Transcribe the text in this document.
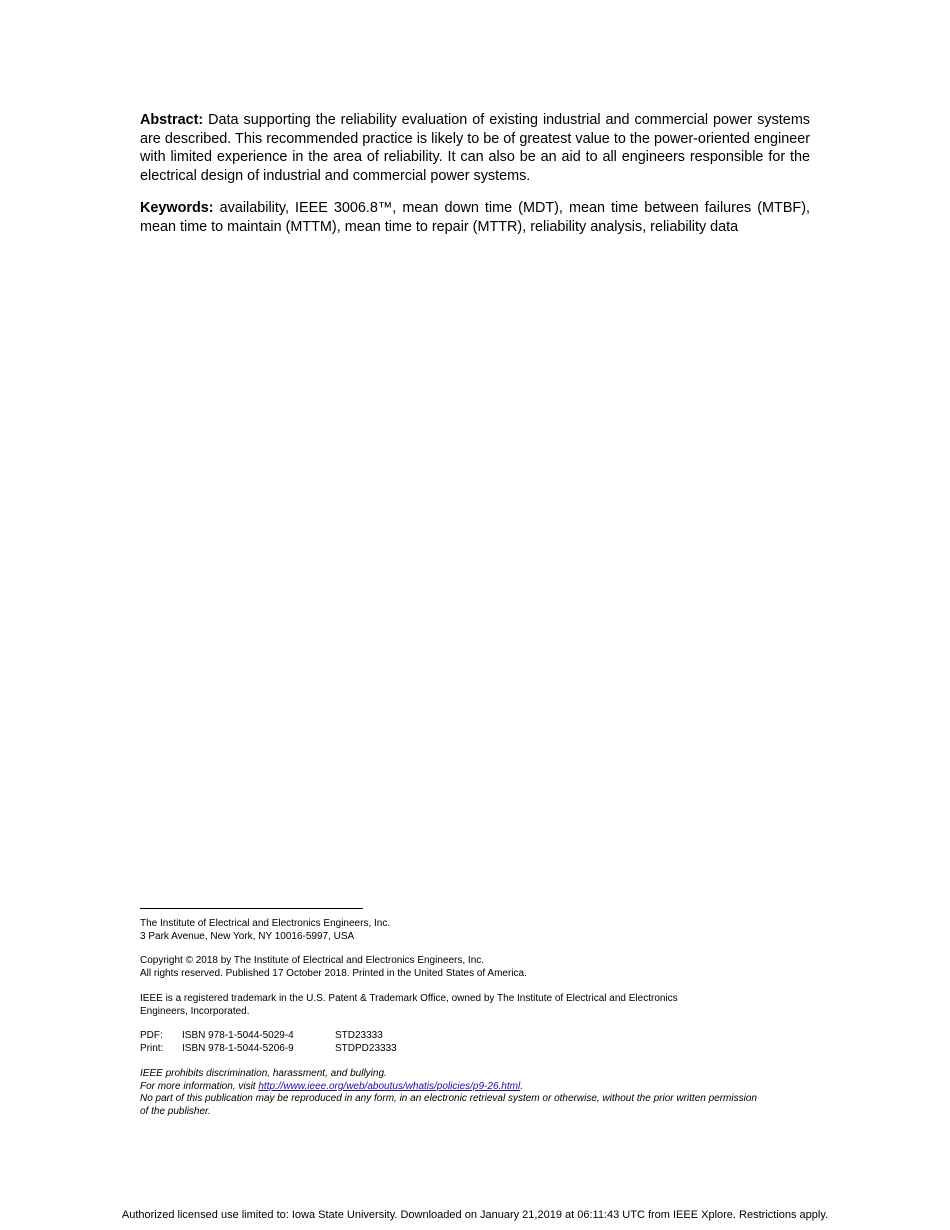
Abstract: Data supporting the reliability evaluation of existing industrial and commercial power systems are described. This recommended practice is likely to be of greatest value to the power-oriented engineer with limited experience in the area of reliability. It can also be an aid to all engineers responsible for the electrical design of industrial and commercial power systems.

Keywords: availability, IEEE 3006.8™, mean down time (MDT), mean time between failures (MTBF), mean time to maintain (MTTM), mean time to repair (MTTR), reliability analysis, reliability data

The Institute of Electrical and Electronics Engineers, Inc.

3 Park Avenue, New York, NY 10016-5997, USA

Copyright © 2018 by The Institute of Electrical and Electronics Engineers, Inc.

All rights reserved. Published 17 October 2018. Printed in the United States of America.

IEEE is a registered trademark in the U.S. Patent & Trademark Office, owned by The Institute of Electrical and Electronics

Engineers, Incorporated.

PDF:	ISBN 978-1-5044-5029-4	STD23333
Print:	ISBN 978-1-5044-5206-9	STDPD23333

IEEE prohibits discrimination, harassment, and bullying.

For more information, visit http://www.ieee.org/web/aboutus/whatis/policies/p9-26.html.

No part of this publication may be reproduced in any form, in an electronic retrieval system or otherwise, without the prior written permission

of the publisher.

Authorized licensed use limited to: Iowa State University. Downloaded on January 21,2019 at 06:11:43 UTC from IEEE Xplore. Restrictions apply.
